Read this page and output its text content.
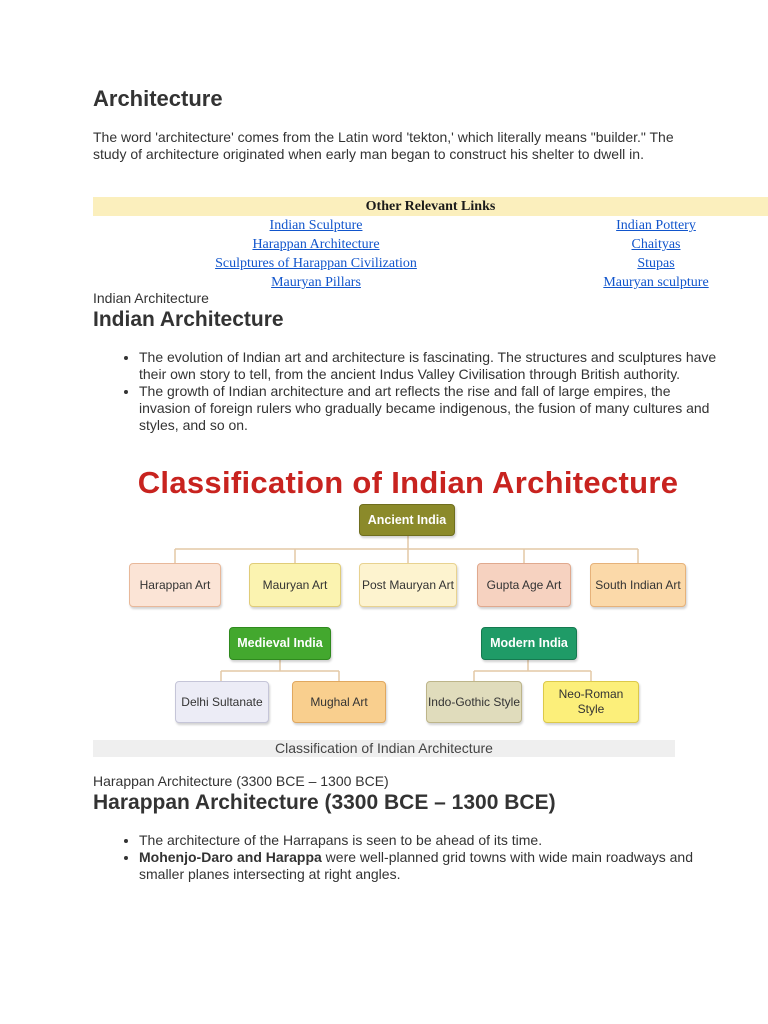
Architecture

The word 'architecture' comes from the Latin word 'tekton,' which literally means "builder." The study of architecture originated when early man began to construct his shelter to dwell in.

Other Relevant Links
Indian Sculpture	Indian Pottery
Harappan Architecture	Chaityas
Sculptures of Harappan Civilization	Stupas
Mauryan Pillars	Mauryan sculpture

Indian Architecture

Indian Architecture
• The evolution of Indian art and architecture is fascinating. The structures and sculptures have their own story to tell, from the ancient Indus Valley Civilisation through British authority.
• The growth of Indian architecture and art reflects the rise and fall of large empires, the invasion of foreign rulers who gradually became indigenous, the fusion of many cultures and styles, and so on.
Classification of Indian Architecture
Ancient India
Harappan Art	Mauryan Art	Post Mauryan Art	Gupta Age Art	South Indian Art
Medieval India	Modern India
Delhi Sultanate	Mughal Art	Indo-Gothic Style
Neo-Roman Style
Classification of Indian Architecture

Harappan Architecture (3300 BCE – 1300 BCE)

Harappan Architecture (3300 BCE – 1300 BCE)
• The architecture of the Harrapans is seen to be ahead of its time.
• Mohenjo-Daro and Harappa were well-planned grid towns with wide main roadways and smaller planes intersecting at right angles.
